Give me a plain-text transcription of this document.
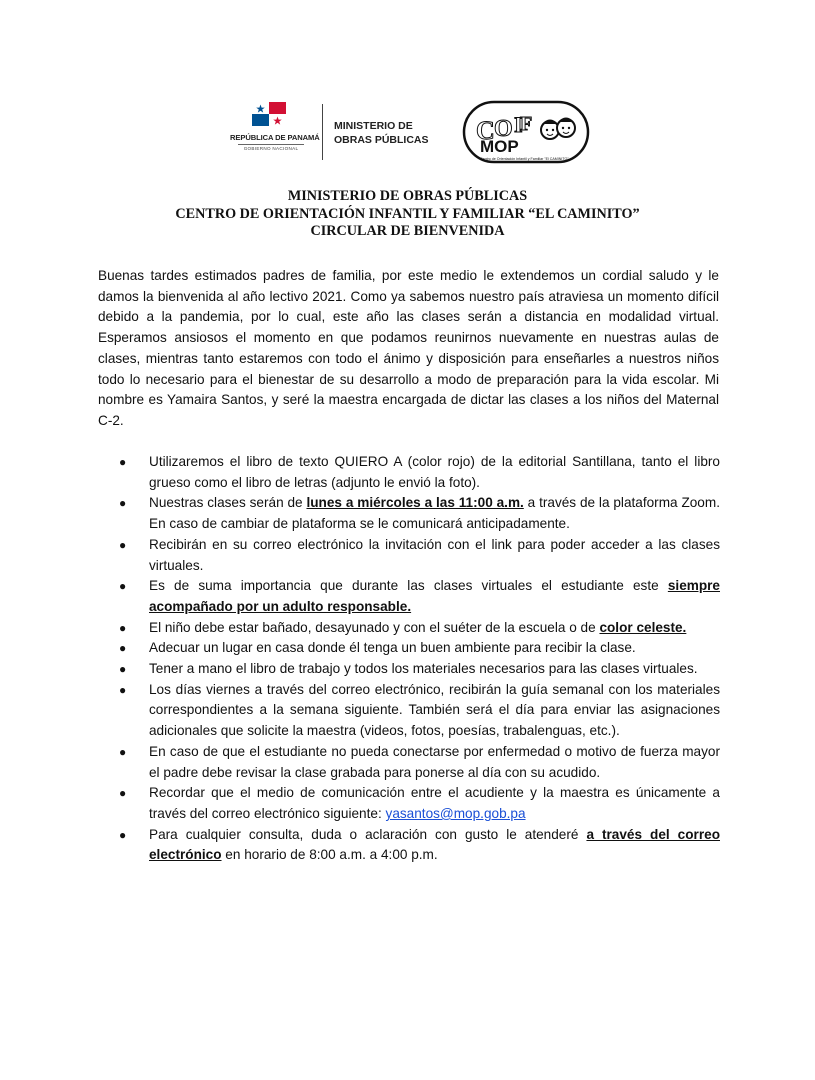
REPÚBLICA DE PANAMÁ
GOBIERNO NACIONAL
MINISTERIO DE
OBRAS PÚBLICAS C O I
F
MOP
Centro de Orientación Infantil y Familiar "El CAMINITO"
MINISTERIO DE OBRAS PÚBLICAS
CENTRO DE ORIENTACIÓN INFANTIL Y FAMILIAR “EL CAMINITO”
CIRCULAR DE BIENVENIDA
Buenas tardes estimados padres de familia, por este medio le extendemos un cordial saludo y le damos la bienvenida al año lectivo 2021. Como ya sabemos nuestro país atraviesa un momento difícil debido a la pandemia, por lo cual, este año las clases serán a distancia en modalidad virtual. Esperamos ansiosos el momento en que podamos reunirnos nuevamente en nuestras aulas de clases, mientras tanto estaremos con todo el ánimo y disposición para enseñarles a nuestros niños todo lo necesario para el bienestar de su desarrollo a modo de preparación para la vida escolar. Mi nombre es Yamaira Santos, y seré la maestra encargada de dictar las clases a los niños del Maternal C-2.
● Utilizaremos el libro de texto QUIERO A (color rojo) de la editorial Santillana, tanto el libro grueso como el libro de letras (adjunto le envió la foto).
● Nuestras clases serán de lunes a miércoles a las 11:00 a.m. a través de la plataforma Zoom. En caso de cambiar de plataforma se le comunicará anticipadamente.
● Recibirán en su correo electrónico la invitación con el link para poder acceder a las clases virtuales.
● Es de suma importancia que durante las clases virtuales el estudiante este siempre acompañado por un adulto responsable.
● El niño debe estar bañado, desayunado y con el suéter de la escuela o de color celeste.
● Adecuar un lugar en casa donde él tenga un buen ambiente para recibir la clase.
● Tener a mano el libro de trabajo y todos los materiales necesarios para las clases virtuales.
● Los días viernes a través del correo electrónico, recibirán la guía semanal con los materiales correspondientes a la semana siguiente. También será el día para enviar las asignaciones adicionales que solicite la maestra (videos, fotos, poesías, trabalenguas, etc.).
● En caso de que el estudiante no pueda conectarse por enfermedad o motivo de fuerza mayor el padre debe revisar la clase grabada para ponerse al día con su acudido.
● Recordar que el medio de comunicación entre el acudiente y la maestra es únicamente a través del correo electrónico siguiente: yasantos@mop.gob.pa
● Para cualquier consulta, duda o aclaración con gusto le atenderé a través del correo electrónico en horario de 8:00 a.m. a 4:00 p.m.
